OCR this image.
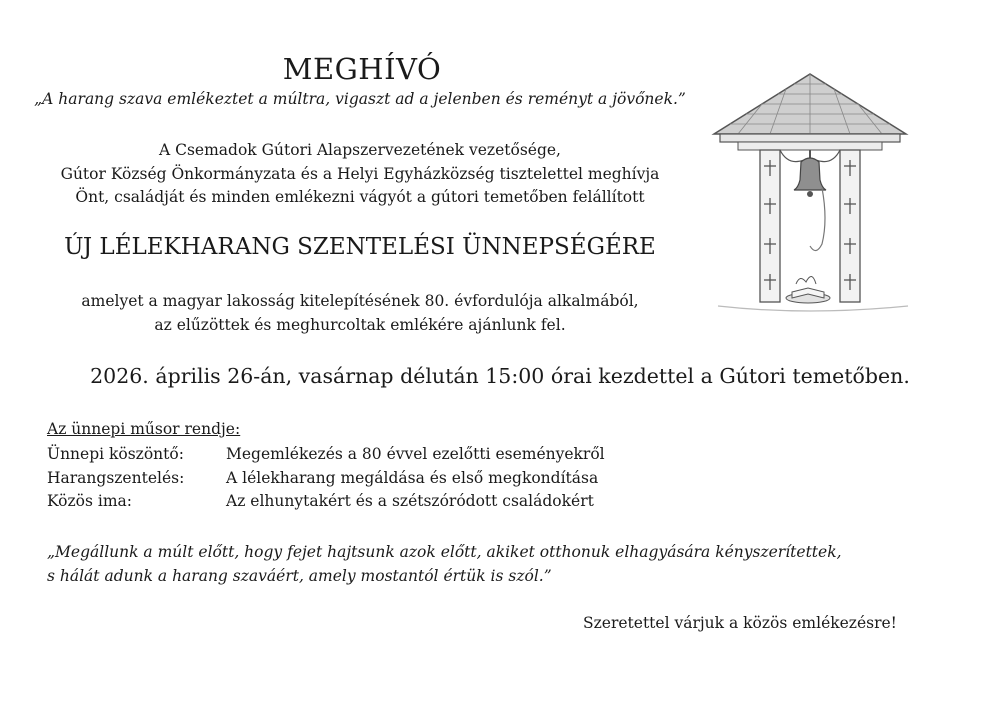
MEGHÍVÓ
„A harang szava emlékeztet a múltra, vigaszt ad a jelenben és reményt a jövőnek.”
A Csemadok Gútori Alapszervezetének vezetősége,
Gútor Község Önkormányzata és a Helyi Egyházközség tisztelettel meghívja
Önt, családját és minden emlékezni vágyót a gútori temetőben felállított
ÚJ LÉLEKHARANG SZENTELÉSI ÜNNEPSÉGÉRE
amelyet a magyar lakosság kitelepítésének 80. évfordulója alkalmából,
az elűzöttek és meghurcoltak emlékére ajánlunk fel.
2026. április 26-án, vasárnap délután 15:00 órai kezdettel a Gútori temetőben.
Az ünnepi műsor rendje:
Ünnepi köszöntő:	Megemlékezés a 80 évvel ezelőtti eseményekről
Harangszentelés:	A lélekharang megáldása és első megkondítása
Közös ima:	Az elhunytakért és a szétszóródott családokért
„Megállunk a múlt előtt, hogy fejet hajtsunk azok előtt, akiket otthonuk elhagyására kényszerítettek,
s hálát adunk a harang szaváért, amely mostantól értük is szól.”
Szeretettel várjuk a közös emlékezésre!
